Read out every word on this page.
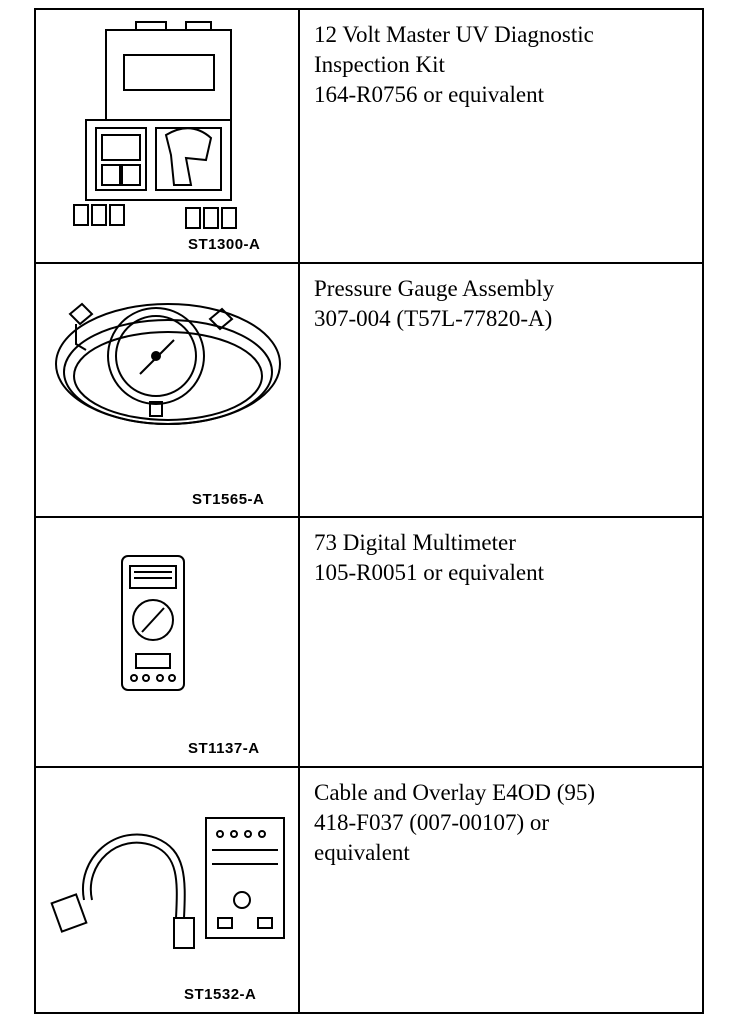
ST1300-A
12 Volt Master UV Diagnostic
Inspection Kit
164-R0756 or equivalent
ST1565-A
Pressure Gauge Assembly
307-004 (T57L-77820-A)
ST1137-A
73 Digital Multimeter
105-R0051 or equivalent
ST1532-A
Cable and Overlay E4OD (95)
418-F037 (007-00107) or
equivalent
